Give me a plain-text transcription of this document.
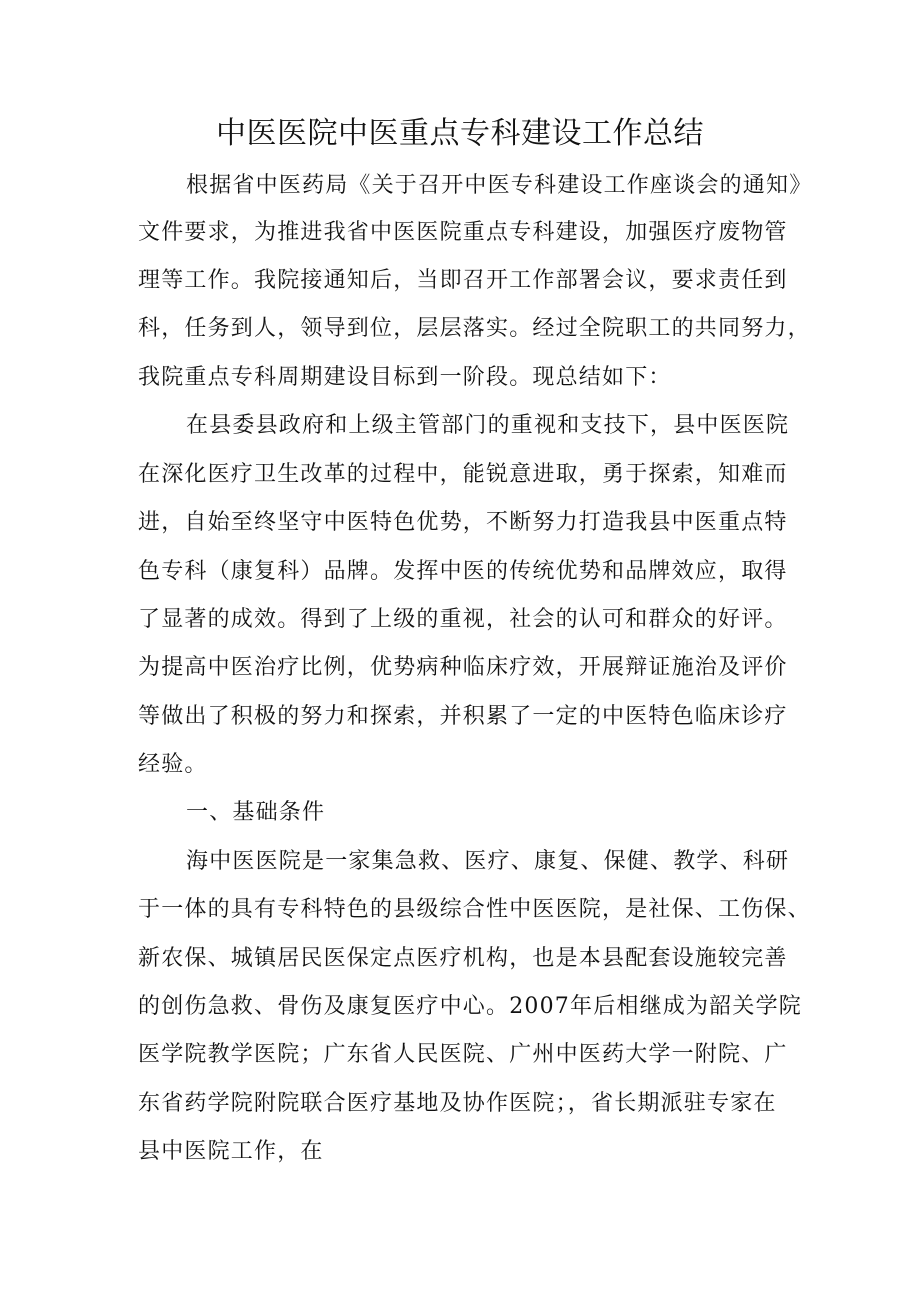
中医医院中医重点专科建设工作总结
根据省中医药局《关于召开中医专科建设工作座谈会的通知》
文件要求，为推进我省中医医院重点专科建设，加强医疗废物管
理等工作。我院接通知后，当即召开工作部署会议，要求责任到
科，任务到人，领导到位，层层落实。经过全院职工的共同努力，
我院重点专科周期建设目标到一阶段。现总结如下：
在县委县政府和上级主管部门的重视和支技下，县中医医院
在深化医疗卫生改革的过程中，能锐意进取，勇于探索，知难而
进，自始至终坚守中医特色优势，不断努力打造我县中医重点特
色专科（康复科）品牌。发挥中医的传统优势和品牌效应，取得
了显著的成效。得到了上级的重视，社会的认可和群众的好评。
为提高中医治疗比例，优势病种临床疗效，开展辩证施治及评价
等做出了积极的努力和探索，并积累了一定的中医特色临床诊疗
经验。
一、基础条件
海中医医院是一家集急救、医疗、康复、保健、教学、科研
于一体的具有专科特色的县级综合性中医医院，是社保、工伤保、
新农保、城镇居民医保定点医疗机构，也是本县配套设施较完善
的创伤急救、骨伤及康复医疗中心。2007年后相继成为韶关学院
医学院教学医院；广东省人民医院、广州中医药大学一附院、广
东省药学院附院联合医疗基地及协作医院；，省长期派驻专家在
县中医院工作，在
